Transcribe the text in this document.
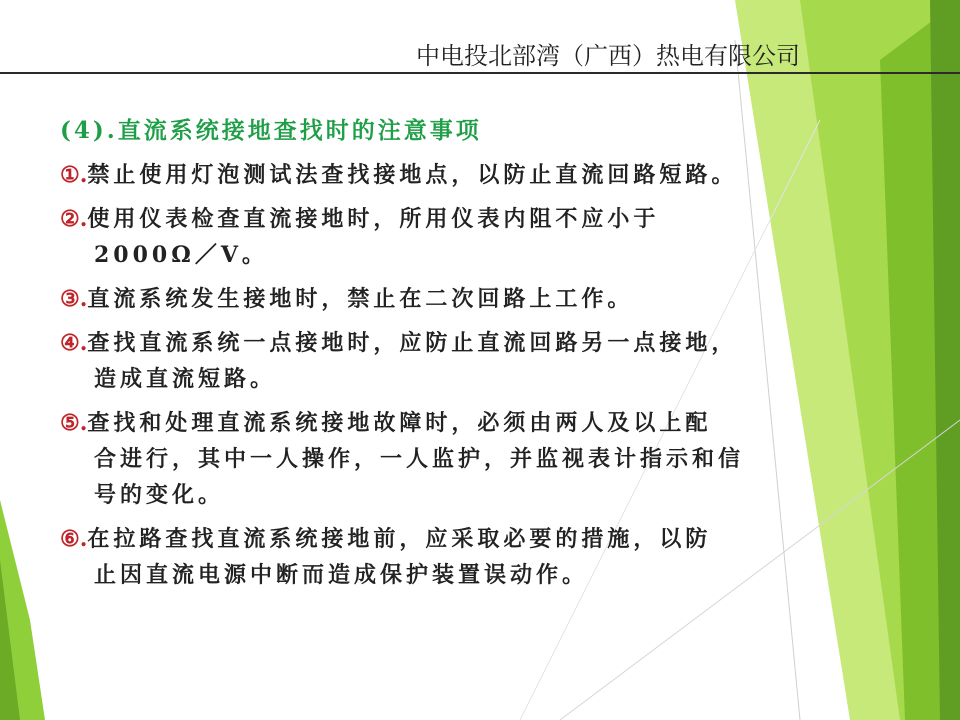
中电投北部湾（广西）热电有限公司
(4).直流系统接地查找时的注意事项
①.禁止使用灯泡测试法查找接地点，以防止直流回路短路。
②.使用仪表检查直流接地时，所用仪表内阻不应小于
2000Ω／V。
③.直流系统发生接地时，禁止在二次回路上工作。
④.查找直流系统一点接地时，应防止直流回路另一点接地，
造成直流短路。
⑤.查找和处理直流系统接地故障时，必须由两人及以上配
合进行，其中一人操作，一人监护，并监视表计指示和信
号的变化。
⑥.在拉路查找直流系统接地前，应采取必要的措施，以防
止因直流电源中断而造成保护装置误动作。
